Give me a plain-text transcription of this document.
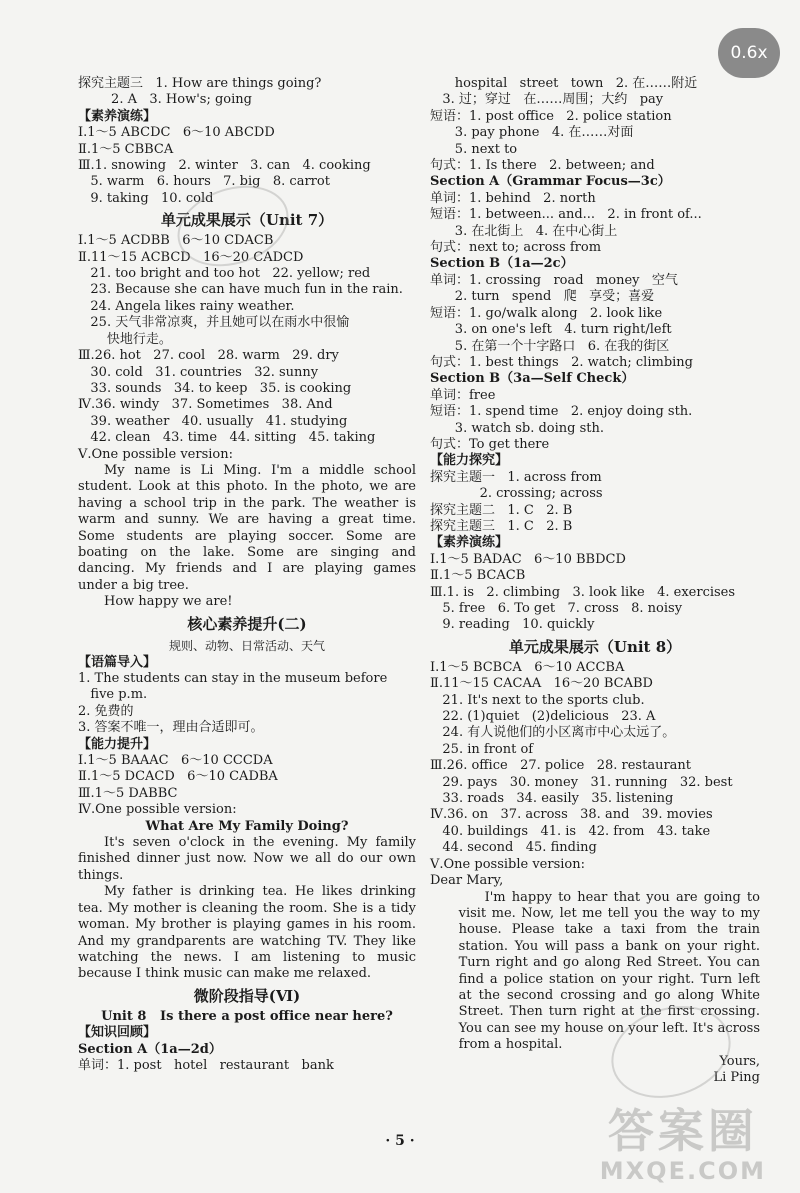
探究主题三   1. How are things going?
2. A   3. How's; going
【素养演练】
Ⅰ.1～5 ABCDC   6～10 ABCDD
Ⅱ.1～5 CBBCA
Ⅲ.1. snowing   2. winter   3. can   4. cooking
5. warm   6. hours   7. big   8. carrot
9. taking   10. cold
单元成果展示（Unit 7）
Ⅰ.1～5 ACDBB   6～10 CDACB
Ⅱ.11～15 ACBCD   16～20 CADCD
21. too bright and too hot   22. yellow; red
23. Because she can have much fun in the rain.
24. Angela likes rainy weather.
25. 天气非常凉爽，并且她可以在雨水中很愉
快地行走。
Ⅲ.26. hot   27. cool   28. warm   29. dry
30. cold   31. countries   32. sunny
33. sounds   34. to keep   35. is cooking
Ⅳ.36. windy   37. Sometimes   38. And
39. weather   40. usually   41. studying
42. clean   43. time   44. sitting   45. taking
Ⅴ.One possible version:
My name is Li Ming. I'm a middle school student. Look at this photo. In the photo, we are having a school trip in the park. The weather is warm and sunny. We are having a great time. Some students are playing soccer. Some are boating on the lake. Some are singing and dancing. My friends and I are playing games under a big tree.
How happy we are!
核心素养提升(二)
规则、动物、日常活动、天气
【语篇导入】
1. The students can stay in the museum before
five p.m.
2. 免费的
3. 答案不唯一，理由合适即可。
【能力提升】
Ⅰ.1～5 BAAAC   6～10 CCCDA
Ⅱ.1～5 DCACD   6～10 CADBA
Ⅲ.1～5 DABBC
Ⅳ.One possible version:
What Are My Family Doing?
It's seven o'clock in the evening. My family finished dinner just now. Now we all do our own things.
My father is drinking tea. He likes drinking tea. My mother is cleaning the room. She is a tidy woman. My brother is playing games in his room. And my grandparents are watching TV. They like watching the news. I am listening to music because I think music can make me relaxed.
微阶段指导(Ⅵ)
Unit 8   Is there a post office near here?
【知识回顾】
Section A（1a—2d）
单词：1. post   hotel   restaurant   bank
hospital   street   town   2. 在……附近
3. 过；穿过   在……周围；大约   pay
短语：1. post office   2. police station
3. pay phone   4. 在……对面
5. next to
句式：1. Is there   2. between; and
Section A（Grammar Focus—3c）
单词：1. behind   2. north
短语：1. between... and...   2. in front of...
3. 在北街上   4. 在中心街上
句式：next to; across from
Section B（1a—2c）
单词：1. crossing   road   money   空气
2. turn   spend   爬   享受；喜爱
短语：1. go/walk along   2. look like
3. on one's left   4. turn right/left
5. 在第一个十字路口   6. 在我的街区
句式：1. best things   2. watch; climbing
Section B（3a—Self Check）
单词：free
短语：1. spend time   2. enjoy doing sth.
3. watch sb. doing sth.
句式：To get there
【能力探究】
探究主题一   1. across from
2. crossing; across
探究主题二   1. C   2. B
探究主题三   1. C   2. B
【素养演练】
Ⅰ.1～5 BADAC   6～10 BBDCD
Ⅱ.1～5 BCACB
Ⅲ.1. is   2. climbing   3. look like   4. exercises
5. free   6. To get   7. cross   8. noisy
9. reading   10. quickly
单元成果展示（Unit 8）
Ⅰ.1～5 BCBCA   6～10 ACCBA
Ⅱ.11～15 CACAA   16～20 BCABD
21. It's next to the sports club.
22. (1)quiet   (2)delicious   23. A
24. 有人说他们的小区离市中心太远了。
25. in front of
Ⅲ.26. office   27. police   28. restaurant
29. pays   30. money   31. running   32. best
33. roads   34. easily   35. listening
Ⅳ.36. on   37. across   38. and   39. movies
40. buildings   41. is   42. from   43. take
44. second   45. finding
Ⅴ.One possible version:
Dear Mary,
I'm happy to hear that you are going to visit me. Now, let me tell you the way to my house. Please take a taxi from the train station. You will pass a bank on your right. Turn right and go along Red Street. You can find a police station on your right. Turn left at the second crossing and go along White Street. Then turn right at the first crossing. You can see my house on your left. It's across from a hospital.
Yours,
Li Ping
答案圈
MXQE.COM
0.6x
· 5 ·
